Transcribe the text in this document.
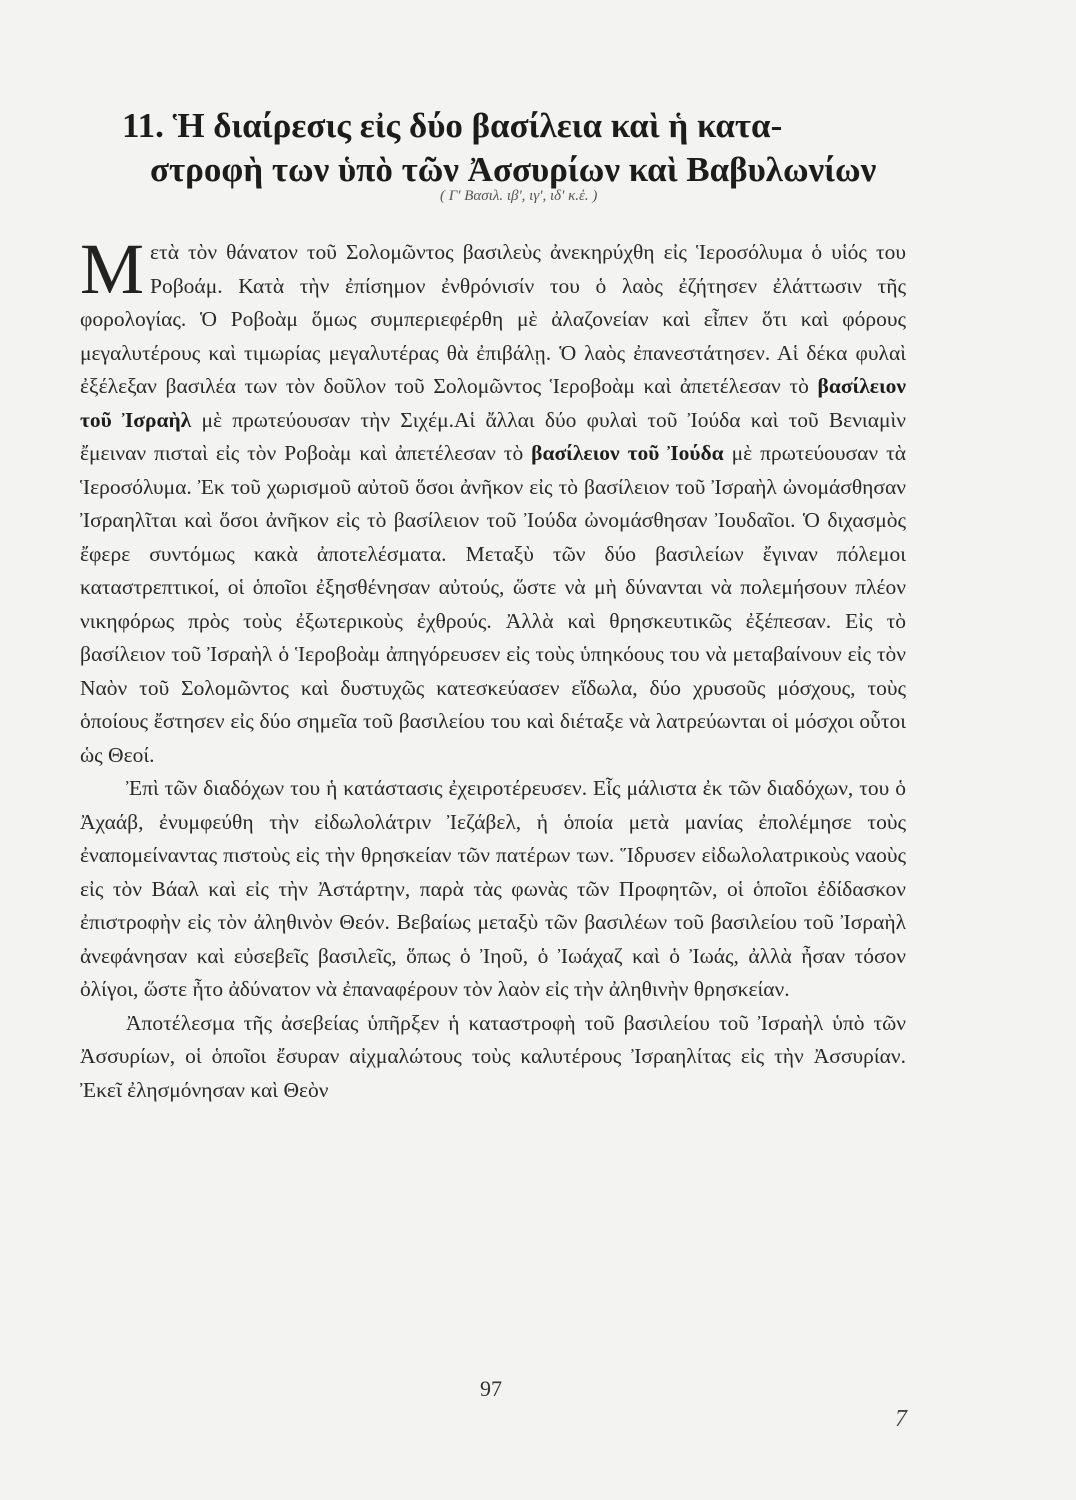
11. Ἡ διαίρεσις εἰς δύο βασίλεια καὶ ἡ κατα-
στροφὴ των ὑπὸ τῶν Ἀσσυρίων καὶ Βαβυλωνίων

( Γ' Βασιλ. ιβ', ιγ', ιδ' κ.ἑ. )

Μετὰ τὸν θάνατον τοῦ Σολομῶντος βασιλεὺς ἀνεκηρύχθη εἰς Ἱεροσόλυμα ὁ υἱός του Ροβοάμ. Κατὰ τὴν ἐπίσημον ἐνθρόνισίν του ὁ λαὸς ἐζήτησεν ἐλάττωσιν τῆς φορολογίας. Ὁ Ροβοὰμ ὅμως συμπεριεφέρθη μὲ ἀλαζονείαν καὶ εἶπεν ὅτι καὶ φόρους μεγαλυτέρους καὶ τιμωρίας μεγαλυτέρας θὰ ἐπιβάλῃ. Ὁ λαὸς ἐπανεστάτησεν. Αἱ δέκα φυλαὶ ἐξέλεξαν βασιλέα των τὸν δοῦλον τοῦ Σολομῶντος Ἱεροβοὰμ καὶ ἀπετέλεσαν τὸ βασίλειον τοῦ Ἰσραὴλ μὲ πρωτεύουσαν τὴν Σιχέμ.Αἱ ἄλλαι δύο φυλαὶ τοῦ Ἰούδα καὶ τοῦ Βενιαμὶν ἔμειναν πισταὶ εἰς τὸν Ροβοὰμ καὶ ἀπετέλεσαν τὸ βασίλειον τοῦ Ἰούδα μὲ πρωτεύουσαν τὰ Ἱεροσόλυμα. Ἐκ τοῦ χωρισμοῦ αὐτοῦ ὅσοι ἀνῆκον εἰς τὸ βασίλειον τοῦ Ἰσραὴλ ὠνομάσθησαν Ἰσραηλῖται καὶ ὅσοι ἀνῆκον εἰς τὸ βασίλειον τοῦ Ἰούδα ὠνομάσθησαν Ἰουδαῖοι. Ὁ διχασμὸς ἔφερε συντόμως κακὰ ἀποτελέσματα. Μεταξὺ τῶν δύο βασιλείων ἔγιναν πόλεμοι καταστρεπτικοί, οἱ ὁποῖοι ἐξησθένησαν αὐτούς, ὥστε νὰ μὴ δύνανται νὰ πολεμήσουν πλέον νικηφόρως πρὸς τοὺς ἐξωτερικοὺς ἐχθρούς. Ἀλλὰ καὶ θρησκευτικῶς ἐξέπεσαν. Εἰς τὸ βασίλειον τοῦ Ἰσραὴλ ὁ Ἱεροβοὰμ ἀπηγόρευσεν εἰς τοὺς ὑπηκόους του νὰ μεταβαίνουν εἰς τὸν Ναὸν τοῦ Σολομῶντος καὶ δυστυχῶς κατεσκεύασεν εἴδωλα, δύο χρυσοῦς μόσχους, τοὺς ὁποίους ἔστησεν εἰς δύο σημεῖα τοῦ βασιλείου του καὶ διέταξε νὰ λατρεύωνται οἱ μόσχοι οὗτοι ὡς Θεοί.

Ἐπὶ τῶν διαδόχων του ἡ κατάστασις ἐχειροτέρευσεν. Εἷς μάλιστα ἐκ τῶν διαδόχων, του ὁ Ἀχαάβ, ἐνυμφεύθη τὴν εἰδωλολάτριν Ἰεζάβελ, ἡ ὁποία μετὰ μανίας ἐπολέμησε τοὺς ἐναπομείναντας πιστοὺς εἰς τὴν θρησκείαν τῶν πατέρων των. Ἵδρυσεν εἰδωλολατρικοὺς ναοὺς εἰς τὸν Βάαλ καὶ εἰς τὴν Ἀστάρτην, παρὰ τὰς φωνὰς τῶν Προφητῶν, οἱ ὁποῖοι ἐδίδασκον ἐπιστροφὴν εἰς τὸν ἀληθινὸν Θεόν. Βεβαίως μεταξὺ τῶν βασιλέων τοῦ βασιλείου τοῦ Ἰσραὴλ ἀνεφάνησαν καὶ εὐσεβεῖς βασιλεῖς, ὅπως ὁ Ἰηοῦ, ὁ Ἰωάχαζ καὶ ὁ Ἰωάς, ἀλλὰ ἦσαν τόσον ὀλίγοι, ὥστε ἦτο ἀδύνατον νὰ ἐπαναφέρουν τὸν λαὸν εἰς τὴν ἀληθινὴν θρησκείαν.

Ἀποτέλεσμα τῆς ἀσεβείας ὑπῆρξεν ἡ καταστροφὴ τοῦ βασιλείου τοῦ Ἰσραὴλ ὑπὸ τῶν Ἀσσυρίων, οἱ ὁποῖοι ἔσυραν αἰχμαλώτους τοὺς καλυτέρους Ἰσραηλίτας εἰς τὴν Ἀσσυρίαν. Ἐκεῖ ἐλησμόνησαν καὶ Θεὸν

97
7
